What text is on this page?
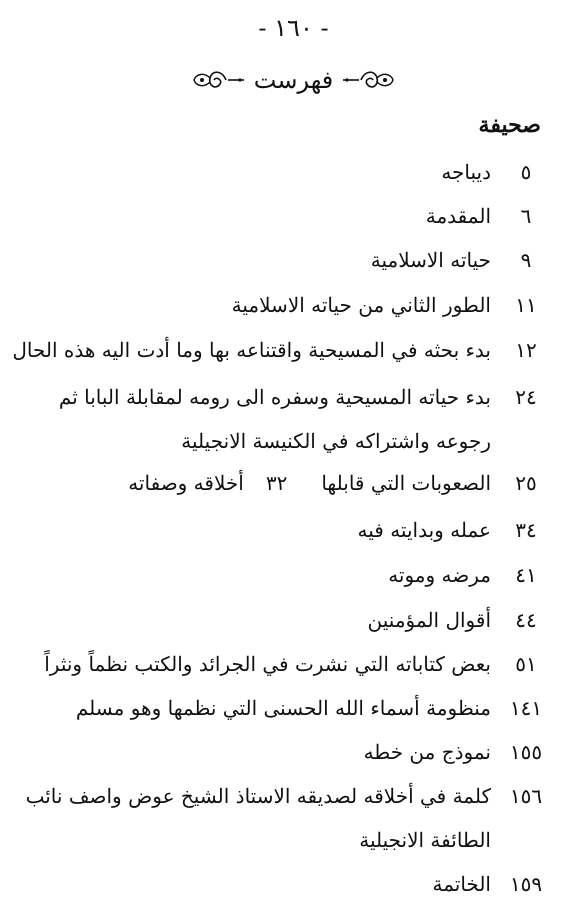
- ١٦٠ -
فهرست
صحيفة
٥
ديباجه
٦
المقدمة
٩
حياته الاسلامية
١١
الطور الثاني من حياته الاسلامية
١٢
بدء بحثه في المسيحية واقتناعه بها وما أدت اليه هذه الحال
٢٤
بدء حياته المسيحية وسفره الى رومه لمقابلة البابا ثم رجوعه واشتراكه في الكنيسة الانجيلية
٢٥
الصعوبات التي قابلها٣٢أخلاقه وصفاته
٣٤
عمله وبدايته فيه
٤١
مرضه وموته
٤٤
أقوال المؤمنين
٥١
بعض كتاباته التي نشرت في الجرائد والكتب نظماً ونثراً
١٤١
منظومة أسماء الله الحسنى التي نظمها وهو مسلم
١٥٥
نموذج من خطه
١٥٦
كلمة في أخلاقه لصديقه الاستاذ الشيخ عوض واصف نائب الطائفة الانجيلية
١٥٩
الخاتمة
